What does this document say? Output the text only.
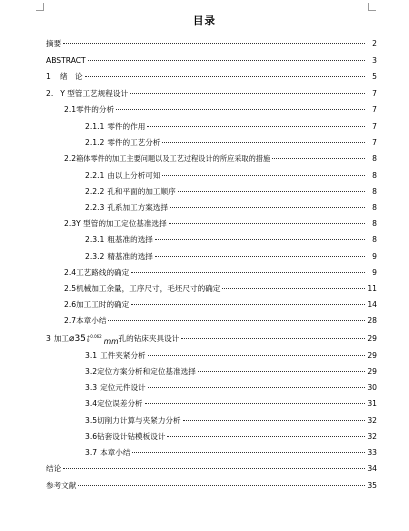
目录
摘要	2
ABSTRACT	3
1 绪　论	5
2. Y 型管工艺规程设计	7
2.1 零件的分析	7
2.1.1 零件的作用	7
2.1.2 零件的工艺分析	7
2.2 箱体零件的加工主要问题以及工艺过程设计的所应采取的措施	8
2.2.1 由以上分析可知	8
2.2.2 孔和平面的加工顺序	8
2.2.3 孔系加工方案选择	8
2.3 Y 型管的加工定位基准选择	8
2.3.1 粗基准的选择	8
2.3.2 精基准的选择	9
2.4 工艺路线的确定	9
2.5 机械加工余量，工序尺寸，毛坯尺寸的确定	11
2.6 加工工时的确定	14
2.7 本章小结	28
3 加工 ⌀35 +0.062
0	mm 孔的钻床夹具设计	29
3.1 工件夹紧分析	29
3.2 定位方案分析和定位基准选择	29
3.3 定位元件设计	30
3.4 定位误差分析	31
3.5 切削力计算与夹紧力分析	32
3.6 钻套设计钻模板设计	32
3.7 本章小结	33
结论	34
参考文献	35
